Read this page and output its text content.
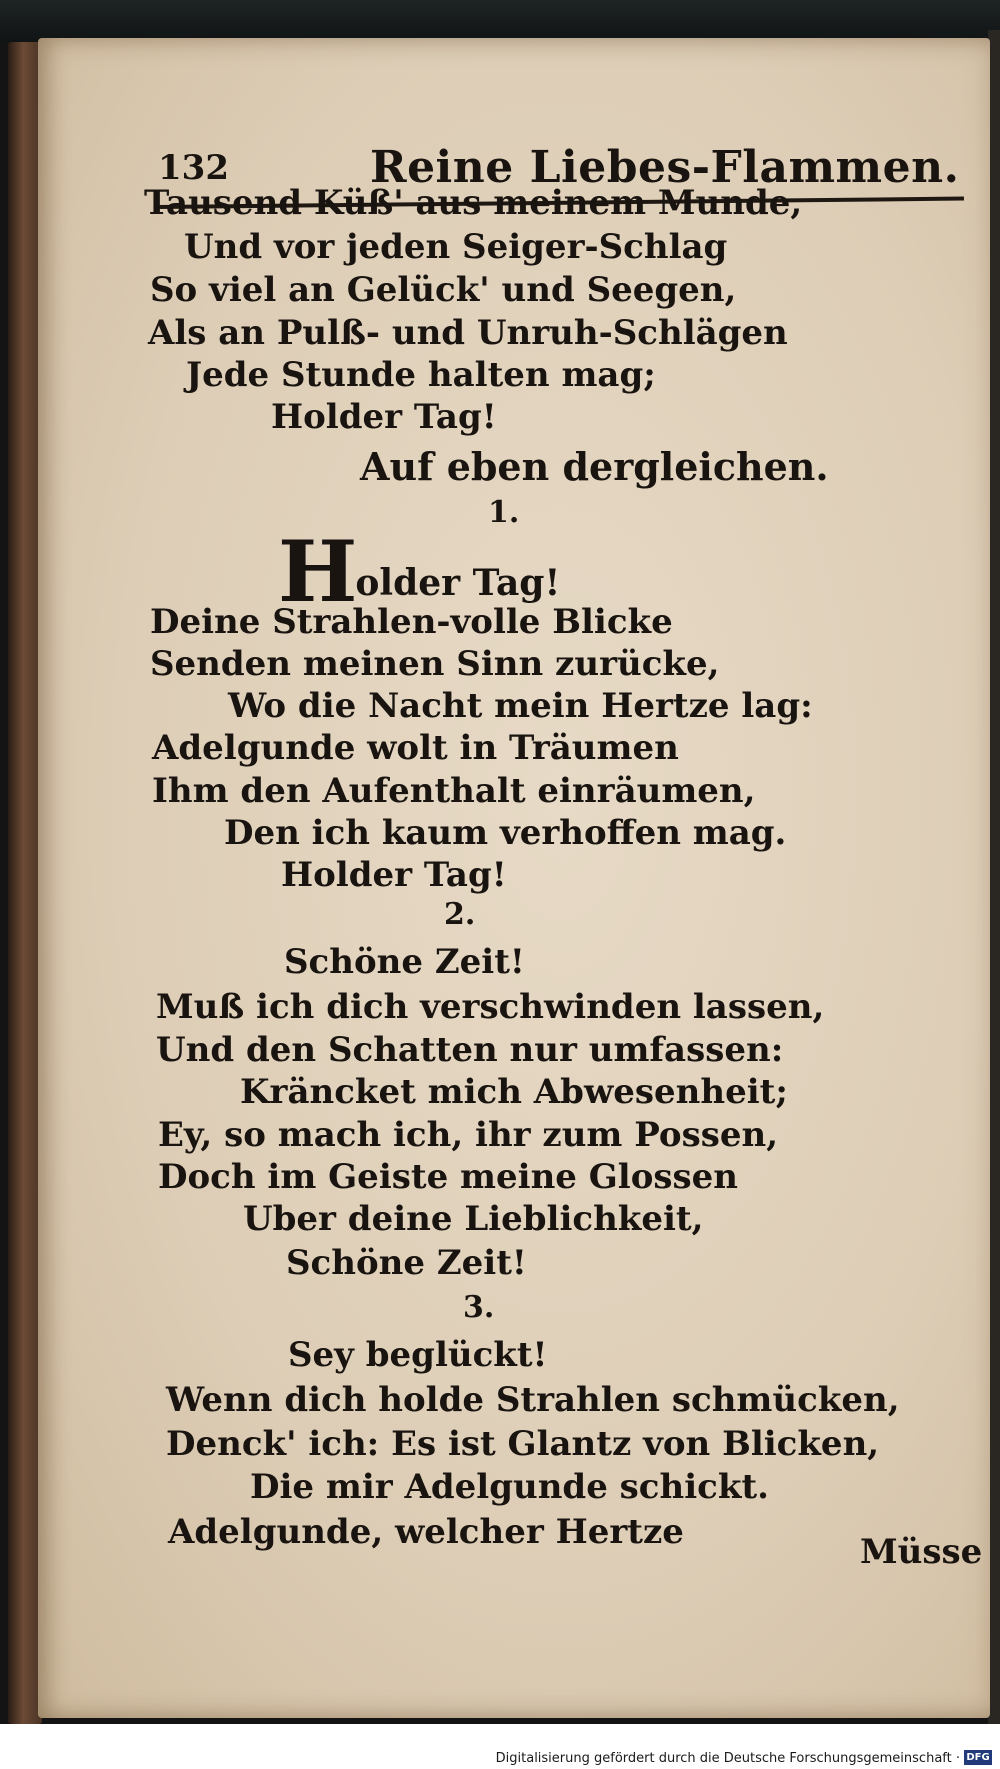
132	Reine Liebes-Flammen.
Tausend Küß' aus meinem Munde,
Und vor jeden Seiger-Schlag
So viel an Gelück' und Seegen,
Als an Pulß- und Unruh-Schlägen
Jede Stunde halten mag;
Holder Tag!
Auf eben dergleichen.
1.
Holder Tag!
Deine Strahlen-volle Blicke
Senden meinen Sinn zurücke,
Wo die Nacht mein Hertze lag:
Adelgunde wolt in Träumen
Ihm den Aufenthalt einräumen,
Den ich kaum verhoffen mag.
Holder Tag!
2.
Schöne Zeit!
Muß ich dich verschwinden lassen,
Und den Schatten nur umfassen:
Kräncket mich Abwesenheit;
Ey, so mach ich, ihr zum Possen,
Doch im Geiste meine Glossen
Uber deine Lieblichkeit,
Schöne Zeit!
3.
Sey beglückt!
Wenn dich holde Strahlen schmücken,
Denck' ich: Es ist Glantz von Blicken,
Die mir Adelgunde schickt.
Adelgunde, welcher Hertze	Müsse
Digitalisierung gefördert durch die Deutsche Forschungsgemeinschaft · DFG
